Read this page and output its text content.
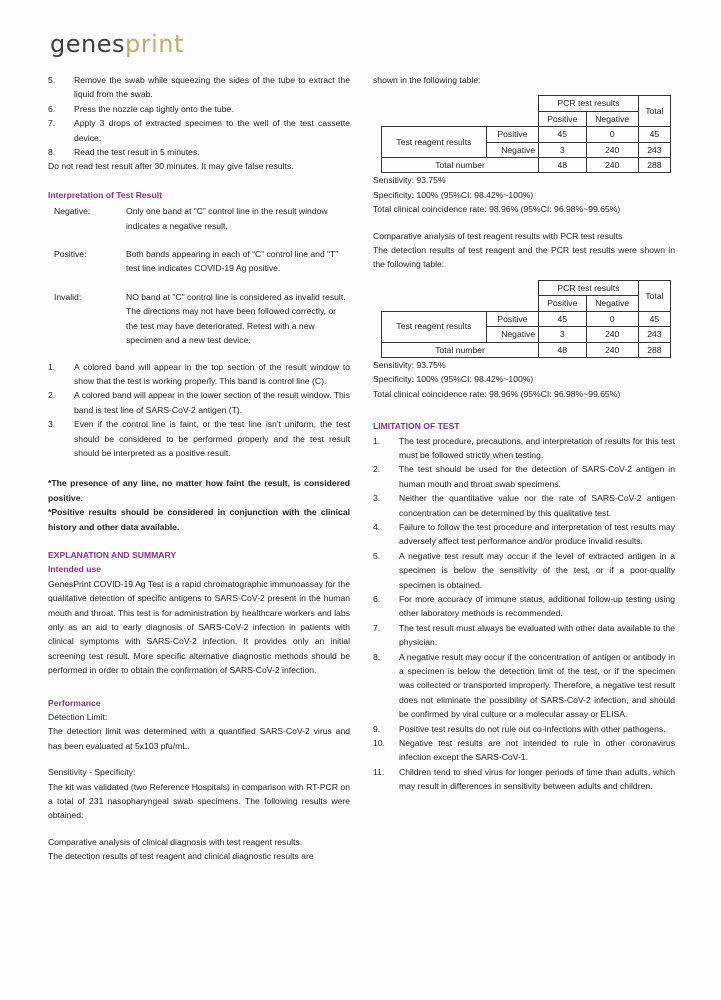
genesprint
5.	Remove the swab while squeezing the sides of the tube to extract the liquid from the swab.
6.	Press the nozzle cap tightly onto the tube.
7.	Apply 3 drops of extracted specimen to the well of the test cassette device.
8.	Read the test result in 5 minutes.
Do not read test result after 30 minutes. It may give false results.
Interpretation of Test Result
Negative:	Only one band at “C” control line in the result window indicates a negative result.
Positive:	Both bands appearing in each of “C” control line and “T” test line indicates COVID-19 Ag positive.
Invalid:	NO band at "C" control line is considered as invalid result. The directions may not have been followed correctly, or the test may have deteriorated. Retest with a new specimen and a new test device.
1.	A colored band will appear in the top section of the result window to show that the test is working properly. This band is control line (C).
2.	A colored band will appear in the lower section of the result window. This band is test line of SARS-CoV-2 antigen (T).
3.	Even if the control line is faint, or the test line isn't uniform, the test should be considered to be performed properly and the test result should be interpreted as a positive result.
*The presence of any line, no matter how faint the result, is considered positive.
*Positive results should be considered in conjunction with the clinical history and other data available.
EXPLANATION AND SUMMARY
Intended use
GenesPrint COVID-19 Ag Test is a rapid chromatographic immunoassay for the qualitative detection of specific antigens to SARS-CoV-2 present in the human mouth and throat. This test is for administration by healthcare workers and labs only as an aid to early diagnosis of SARS-CoV-2 infection in patients with clinical symptoms with SARS-CoV-2 infection. It provides only an initial screening test result. More specific alternative diagnostic methods should be performed in order to obtain the confirmation of SARS-CoV-2 infection.
Performance
Detection Limit:
The detection limit was determined with a quantified SARS-CoV-2 virus and has been evaluated at 5x103 pfu/mL.
Sensitivity - Specificity:
The kit was validated (two Reference Hospitals) in comparison with RT-PCR on a total of 231 nasopharyngeal swab specimens. The following results were obtained:
Comparative analysis of clinical diagnosis with test reagent results.
The detection results of test reagent and clinical diagnostic results are
shown in the following table:
		PCR test results		Total
		Positive	Negative	
Test reagent results	Positive	45	0	45
	Negative	3	240	243
Total number		48	240	288
Sensitivity: 93.75%
Specificity: 100% (95%CI: 98.42%~100%)
Total clinical coincidence rate: 98.96% (95%CI: 96.98%~99.65%)
Comparative analysis of test reagent results with PCR test results
The detection results of test reagent and the PCR test results were shown in the following table:
		PCR test results		Total
		Positive	Negative	
Test reagent results	Positive	45	0	45
	Negative	3	240	243
Total number		48	240	288
Sensitivity: 93.75%
Specificity: 100% (95%CI: 98.42%~100%)
Total clinical coincidence rate: 98.96% (95%CI: 96.98%~99.65%)
LIMITATION OF TEST
1.	The test procedure, precautions, and interpretation of results for this test must be followed strictly when testing.
2.	The test should be used for the detection of SARS-CoV-2 antigen in human mouth and throat swab specimens.
3.	Neither the quantitative value nor the rate of SARS-CoV-2 antigen concentration can be determined by this qualitative test.
4.	Failure to follow the test procedure and interpretation of test results may adversely affect test performance and/or produce invalid results.
5.	A negative test result may occur if the level of extracted antigen in a specimen is below the sensitivity of the test, or if a poor-quality specimen is obtained.
6.	For more accuracy of immune status, additional follow-up testing using other laboratory methods is recommended.
7.	The test result must always be evaluated with other data available to the physician.
8.	A negative result may occur if the concentration of antigen or antibody in a specimen is below the detection limit of the test, or if the specimen was collected or transported improperly. Therefore, a negative test result does not eliminate the possibility of SARS-CoV-2 infection, and should be confirmed by viral culture or a molecular assay or ELISA.
9.	Positive test results do not rule out co-infections with other pathogens.
10.	Negative test results are not intended to rule in other coronavirus infection except the SARS-CoV-1.
11.	Children tend to shed virus for longer periods of time than adults, which may result in differences in sensitivity between adults and children.
